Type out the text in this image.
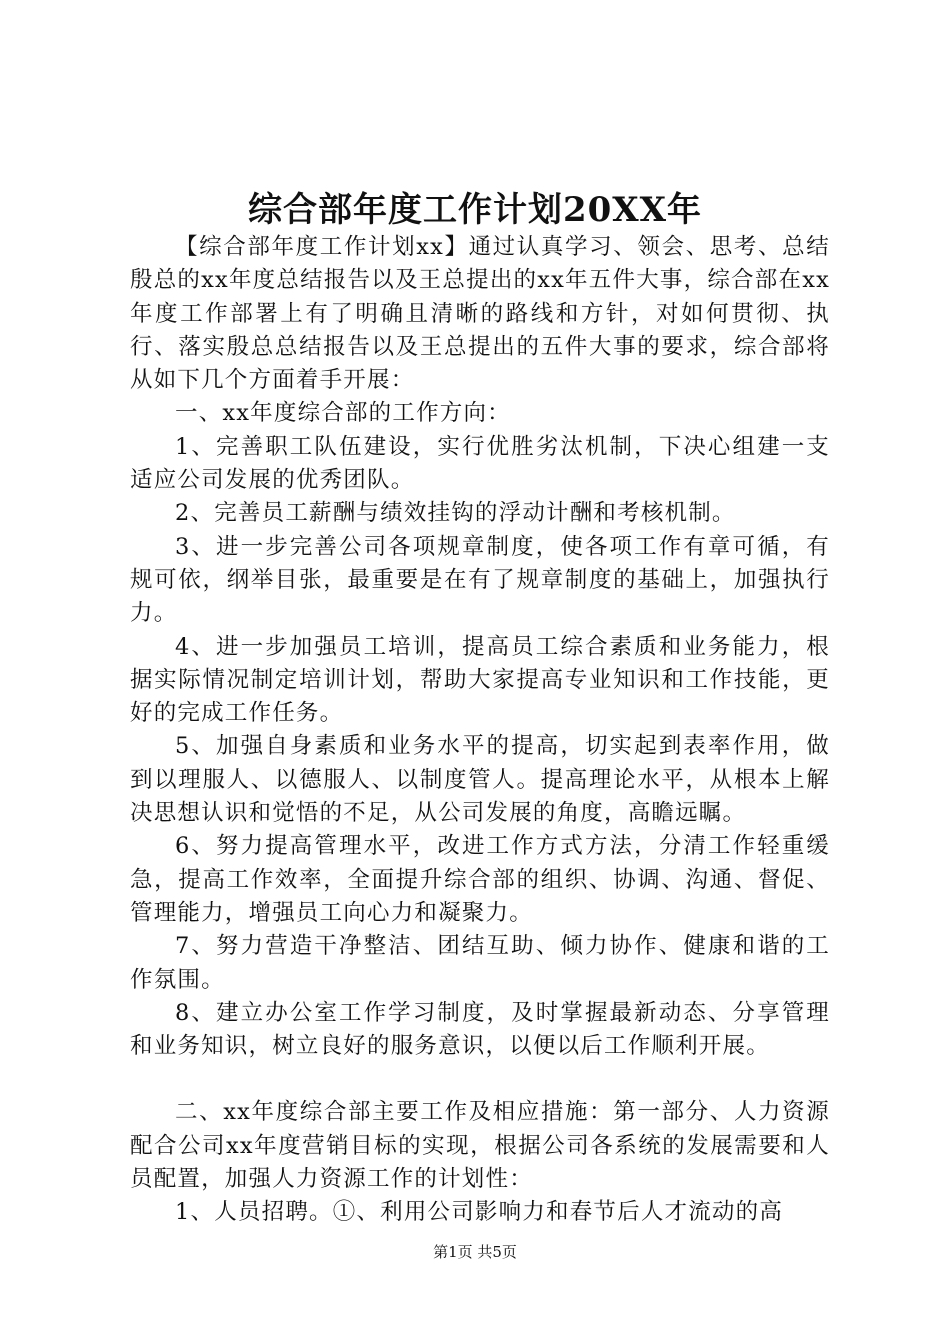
综合部年度工作计划20XX年

【综合部年度工作计划xx】通过认真学习、领会、思考、总结殷总的xx年度总结报告以及王总提出的xx年五件大事，综合部在xx年度工作部署上有了明确且清晰的路线和方针，对如何贯彻、执行、落实殷总总结报告以及王总提出的五件大事的要求，综合部将从如下几个方面着手开展：

一、xx年度综合部的工作方向：

1、完善职工队伍建设，实行优胜劣汰机制，下决心组建一支适应公司发展的优秀团队。

2、完善员工薪酬与绩效挂钩的浮动计酬和考核机制。

3、进一步完善公司各项规章制度，使各项工作有章可循，有规可依，纲举目张，最重要是在有了规章制度的基础上，加强执行力。

4、进一步加强员工培训，提高员工综合素质和业务能力，根据实际情况制定培训计划，帮助大家提高专业知识和工作技能，更好的完成工作任务。

5、加强自身素质和业务水平的提高，切实起到表率作用，做到以理服人、以德服人、以制度管人。提高理论水平，从根本上解决思想认识和觉悟的不足，从公司发展的角度，高瞻远瞩。

6、努力提高管理水平，改进工作方式方法，分清工作轻重缓急，提高工作效率，全面提升综合部的组织、协调、沟通、督促、管理能力，增强员工向心力和凝聚力。

7、努力营造干净整洁、团结互助、倾力协作、健康和谐的工作氛围。

8、建立办公室工作学习制度，及时掌握最新动态、分享管理和业务知识，树立良好的服务意识，以便以后工作顺利开展。

二、xx年度综合部主要工作及相应措施：第一部分、人力资源配合公司xx年度营销目标的实现，根据公司各系统的发展需要和人员配置，加强人力资源工作的计划性：

1、人员招聘。①、利用公司影响力和春节后人才流动的高

第1页 共5页
